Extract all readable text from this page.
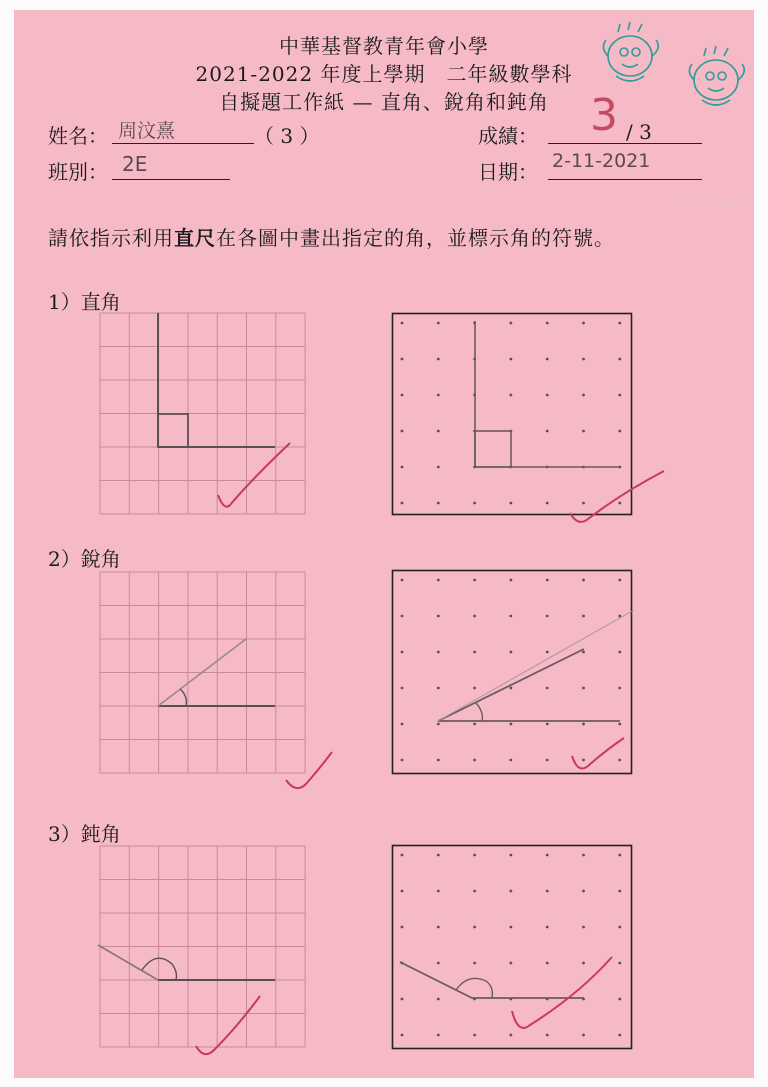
中華基督教青年會小學
2021-2022 年度上學期　二年級數學科
自擬題工作紙 — 直角、銳角和鈍角
姓名： 周汶熹	（ 3 ）
班別： 2E
成績： 3 / 3
日期： 2-11-2021
- 3 NOV 2021
請依指示利用直尺在各圖中畫出指定的角，並標示角的符號。
1）直角
2）銳角
3）鈍角
